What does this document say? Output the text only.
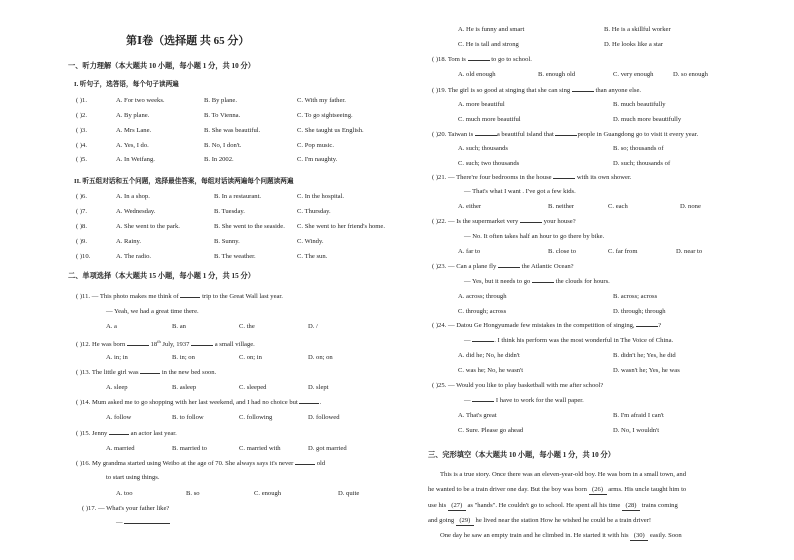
第Ⅰ卷（选择题 共 65 分）
一、听力理解（本大题共 10 小题，每小题 1 分，共 10 分）
I. 听句子，选答语，每个句子读两遍
( )1.	A. For two weeks.	B. By plane.	C. With my father.
( )2.	A. By plane.	B. To Vienna.	C. To go sightseeing.
( )3.	A. Mrs Lane.	B. She was beautiful.	C. She taught us English.
( )4.	A. Yes, I do.	B. No, I don't.	C. Pop music.
( )5.	A. In Weifang.	B. In 2002.	C. I'm naughty.
II. 听五组对话和五个问题，选择最佳答案，每组对话读两遍每个问题读两遍
( )6.	A. In a shop.	B. In a restaurant.	C. In the hospital.
( )7.	A. Wednesday.	B. Tuesday.	C. Thursday.
( )8.	A. She went to the park.	B. She went to the seaside. C. She went to her friend's home.
( )9.	A. Rainy.	B. Sunny.	C. Windy.
( )10.	A. The radio.	B. The weather.	C. The sun.
二、单项选择（本大题共 15 小题，每小题 1 分，共 15 分）
( )11. — This photo makes me think of	trip to the Great Wall last year.
— Yeah, we had a great time there.
A. a	B. an	C. the	D. /
( )12. He was born	18th July, 1937	a small village.
A. in; in	B. in; on	C. on; in	D. on; on
( )13. The little girl was	in the new bed soon.
A. sleep	B. asleep	C. sleeped	D. slept
( )14. Mum asked me to go shopping with her last weekend, and I had no choice but	.
A. follow	B. to follow	C. following	D. followed
( )15. Jenny	an actor last year.
A. married	B. married to	C. married with	D. got married
( )16. My grandma started using Weibo at the age of 70. She always says it's never	old
to start using things.
A. too	B. so	C. enough	D. quite
( )17. — What's your father like?
—
A. He is funny and smart	B. He is a skillful worker
C. He is tall and strong	D. He looks like a star
( )18. Tom is	to go to school.
A. old enough	B. enough old	C. very enough	D. so enough
( )19. The girl is so good at singing that she can sing	than anyone else.
A. more beautiful	B. much beautifully
C. much more beautiful	D. much more beautifully
( )20. Taiwan is	a beautiful island that	people in Guangdong go to visit it every year.
A. such; thousands	B. so; thousands of
C. such; two thousands	D. such; thousands of
( )21. — There're four bedrooms in the house	with its own shower.
— That's what I want . I've got a few kids.
A. either	B. neither	C. each	D. none
( )22. — Is the supermarket very	your house?
— No. It often takes half an hour to go there by bike.
A. far to	B. close to	C. far from	D. near to
( )23. — Can a plane fly	the Atlantic Ocean?
— Yes, but it needs to go	the clouds for hours.
A. across; through	B. across; across
C. through; across	D. through; through
( )24. — Datou Ge Hongyumade few mistakes in the competition of singing,	?
—	. I think his perform was the most wonderful in The Voice of China.
A. did he; No, he didn't	B. didn't he; Yes, he did
C. was he; No, he wasn't	D. wasn't he; Yes, he was
( )25. — Would you like to play basketball with me after school?
—	I have to work for the wall paper.
A. That's great	B. I'm afraid I can't
C. Sure. Please go ahead	D. No, I wouldn't
三、完形填空（本大题共 10 小题，每小题 1 分，共 10 分）
This is a true story. Once there was an eleven-year-old boy. He was born in a small town, and
he wanted to be a train driver one day. But the boy was born (26) arms. His uncle taught him to
use his (27) as "hands". He couldn't go to school. He spent all his time (28) trains coming
and going (29) he lived near the station How he wished he could be a train driver!
One day he saw an empty train and he climbed in. He started it with his (30) easily. Soon
